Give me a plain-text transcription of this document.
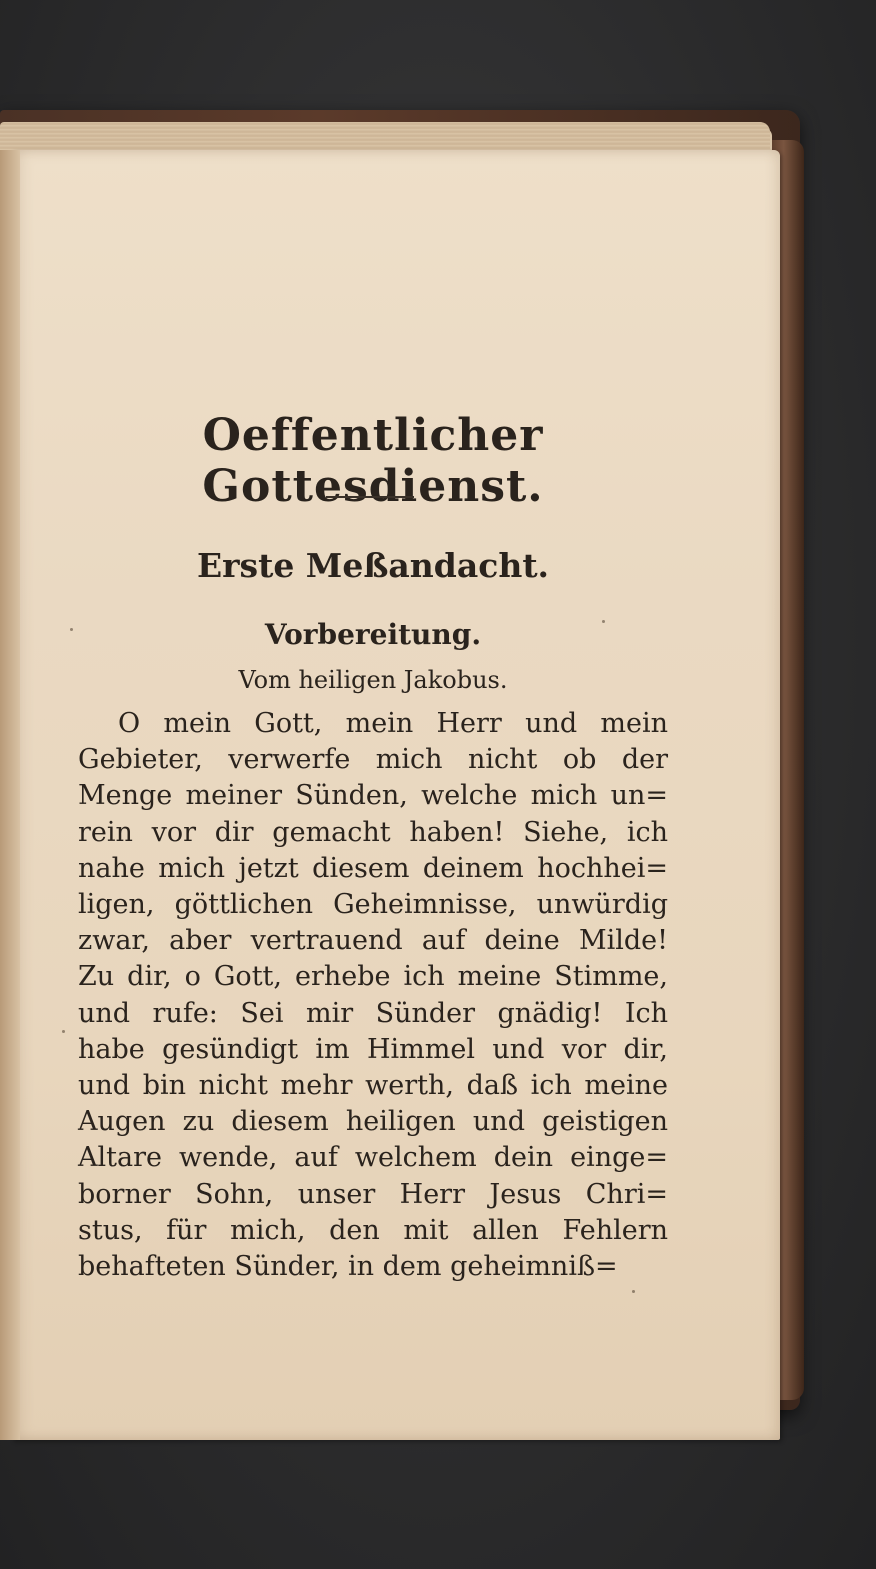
Oeffentlicher Gottesdienst.
Erste Meßandacht.
Vorbereitung.
Vom heiligen Jakobus.
O mein Gott, mein Herr und mein
Gebieter, verwerfe mich nicht ob der
Menge meiner Sünden, welche mich un=
rein vor dir gemacht haben! Siehe, ich
nahe mich jetzt diesem deinem hochhei=
ligen, göttlichen Geheimnisse, unwürdig
zwar, aber vertrauend auf deine Milde!
Zu dir, o Gott, erhebe ich meine Stimme,
und rufe: Sei mir Sünder gnädig! Ich
habe gesündigt im Himmel und vor dir,
und bin nicht mehr werth, daß ich meine
Augen zu diesem heiligen und geistigen
Altare wende, auf welchem dein einge=
borner Sohn, unser Herr Jesus Chri=
stus, für mich, den mit allen Fehlern
behafteten Sünder, in dem geheimniß=
